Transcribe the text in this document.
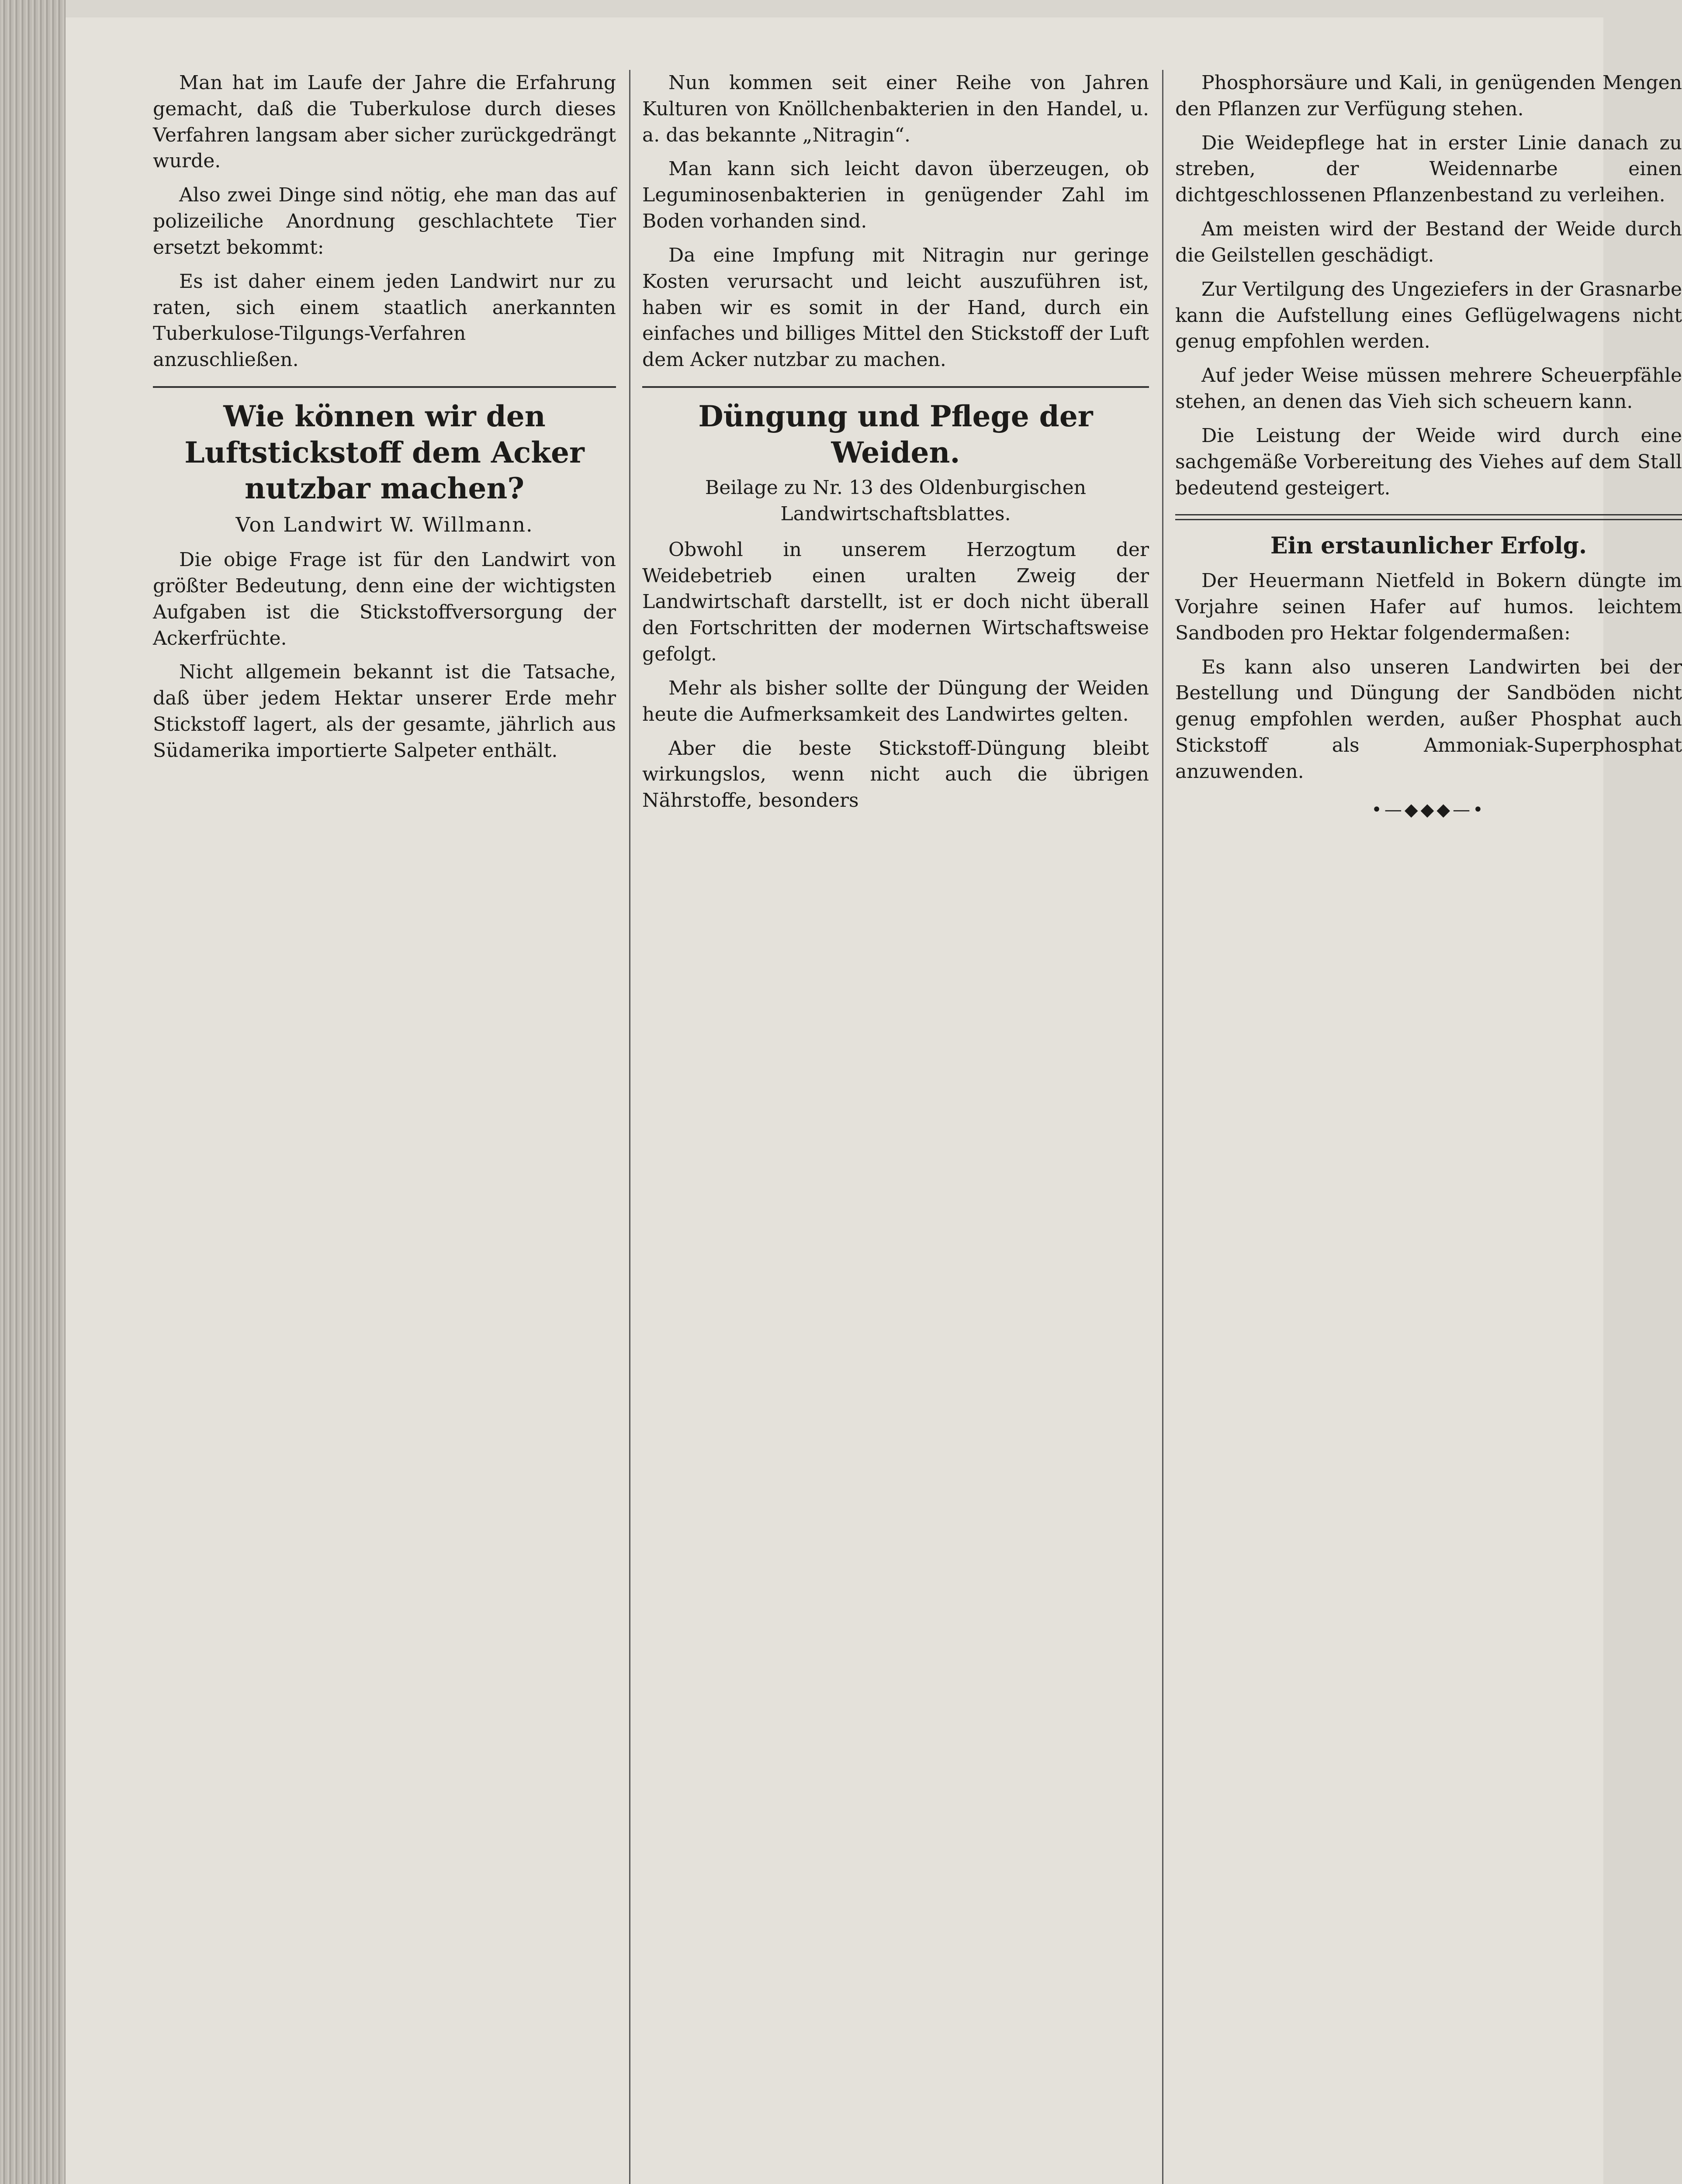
Man hat im Laufe der Jahre die Erfahrung gemacht, daß die Tuberkulose durch dieses Verfahren langsam aber sicher zurückgedrängt wurde.

Also zwei Dinge sind nötig, ehe man das auf polizeiliche Anordnung geschlachtete Tier ersetzt bekommt:

Es ist daher einem jeden Landwirt nur zu raten, sich einem staatlich anerkannten Tuberkulose-Tilgungs-Verfahren anzuschließen.

Wie können wir den Luftstickstoff dem Acker nutzbar machen?
Von Landwirt W. Willmann.

Die obige Frage ist für den Landwirt von größter Bedeutung, denn eine der wichtigsten Aufgaben ist die Stickstoffversorgung der Ackerfrüchte.

Nicht allgemein bekannt ist die Tatsache, daß über jedem Hektar unserer Erde mehr Stickstoff lagert, als der gesamte, jährlich aus Südamerika importierte Salpeter enthält.

Nun kommen seit einer Reihe von Jahren Kulturen von Knöllchenbakterien in den Handel, u. a. das bekannte „Nitragin“.

Man kann sich leicht davon überzeugen, ob Leguminosenbakterien in genügender Zahl im Boden vorhanden sind.

Da eine Impfung mit Nitragin nur geringe Kosten verursacht und leicht auszuführen ist, haben wir es somit in der Hand, durch ein einfaches und billiges Mittel den Stickstoff der Luft dem Acker nutzbar zu machen.

Düngung und Pflege der Weiden.
Beilage zu Nr. 13 des Oldenburgischen Landwirtschaftsblattes.

Obwohl in unserem Herzogtum der Weidebetrieb einen uralten Zweig der Landwirtschaft darstellt, ist er doch nicht überall den Fortschritten der modernen Wirtschaftsweise gefolgt.

Mehr als bisher sollte der Düngung der Weiden heute die Aufmerksamkeit des Landwirtes gelten.

Aber die beste Stickstoff-Düngung bleibt wirkungslos, wenn nicht auch die übrigen Nährstoffe, besonders

Phosphorsäure und Kali, in genügenden Mengen den Pflanzen zur Verfügung stehen.

Die Weidepflege hat in erster Linie danach zu streben, der Weidennarbe einen dichtgeschlossenen Pflanzenbestand zu verleihen.

Am meisten wird der Bestand der Weide durch die Geilstellen geschädigt.

Zur Vertilgung des Ungeziefers in der Grasnarbe kann die Aufstellung eines Geflügelwagens nicht genug empfohlen werden.

Auf jeder Weise müssen mehrere Scheuerpfähle stehen, an denen das Vieh sich scheuern kann.

Die Leistung der Weide wird durch eine sachgemäße Vorbereitung des Viehes auf dem Stall bedeutend gesteigert.

Ein erstaunlicher Erfolg.

Der Heuermann Nietfeld in Bokern düngte im Vorjahre seinen Hafer auf humos. leichtem Sandboden pro Hektar folgendermaßen:

Es kann also unseren Landwirten bei der Bestellung und Düngung der Sandböden nicht genug empfohlen werden, außer Phosphat auch Stickstoff als Ammoniak-Superphosphat anzuwenden.

•—◆◆◆—•
